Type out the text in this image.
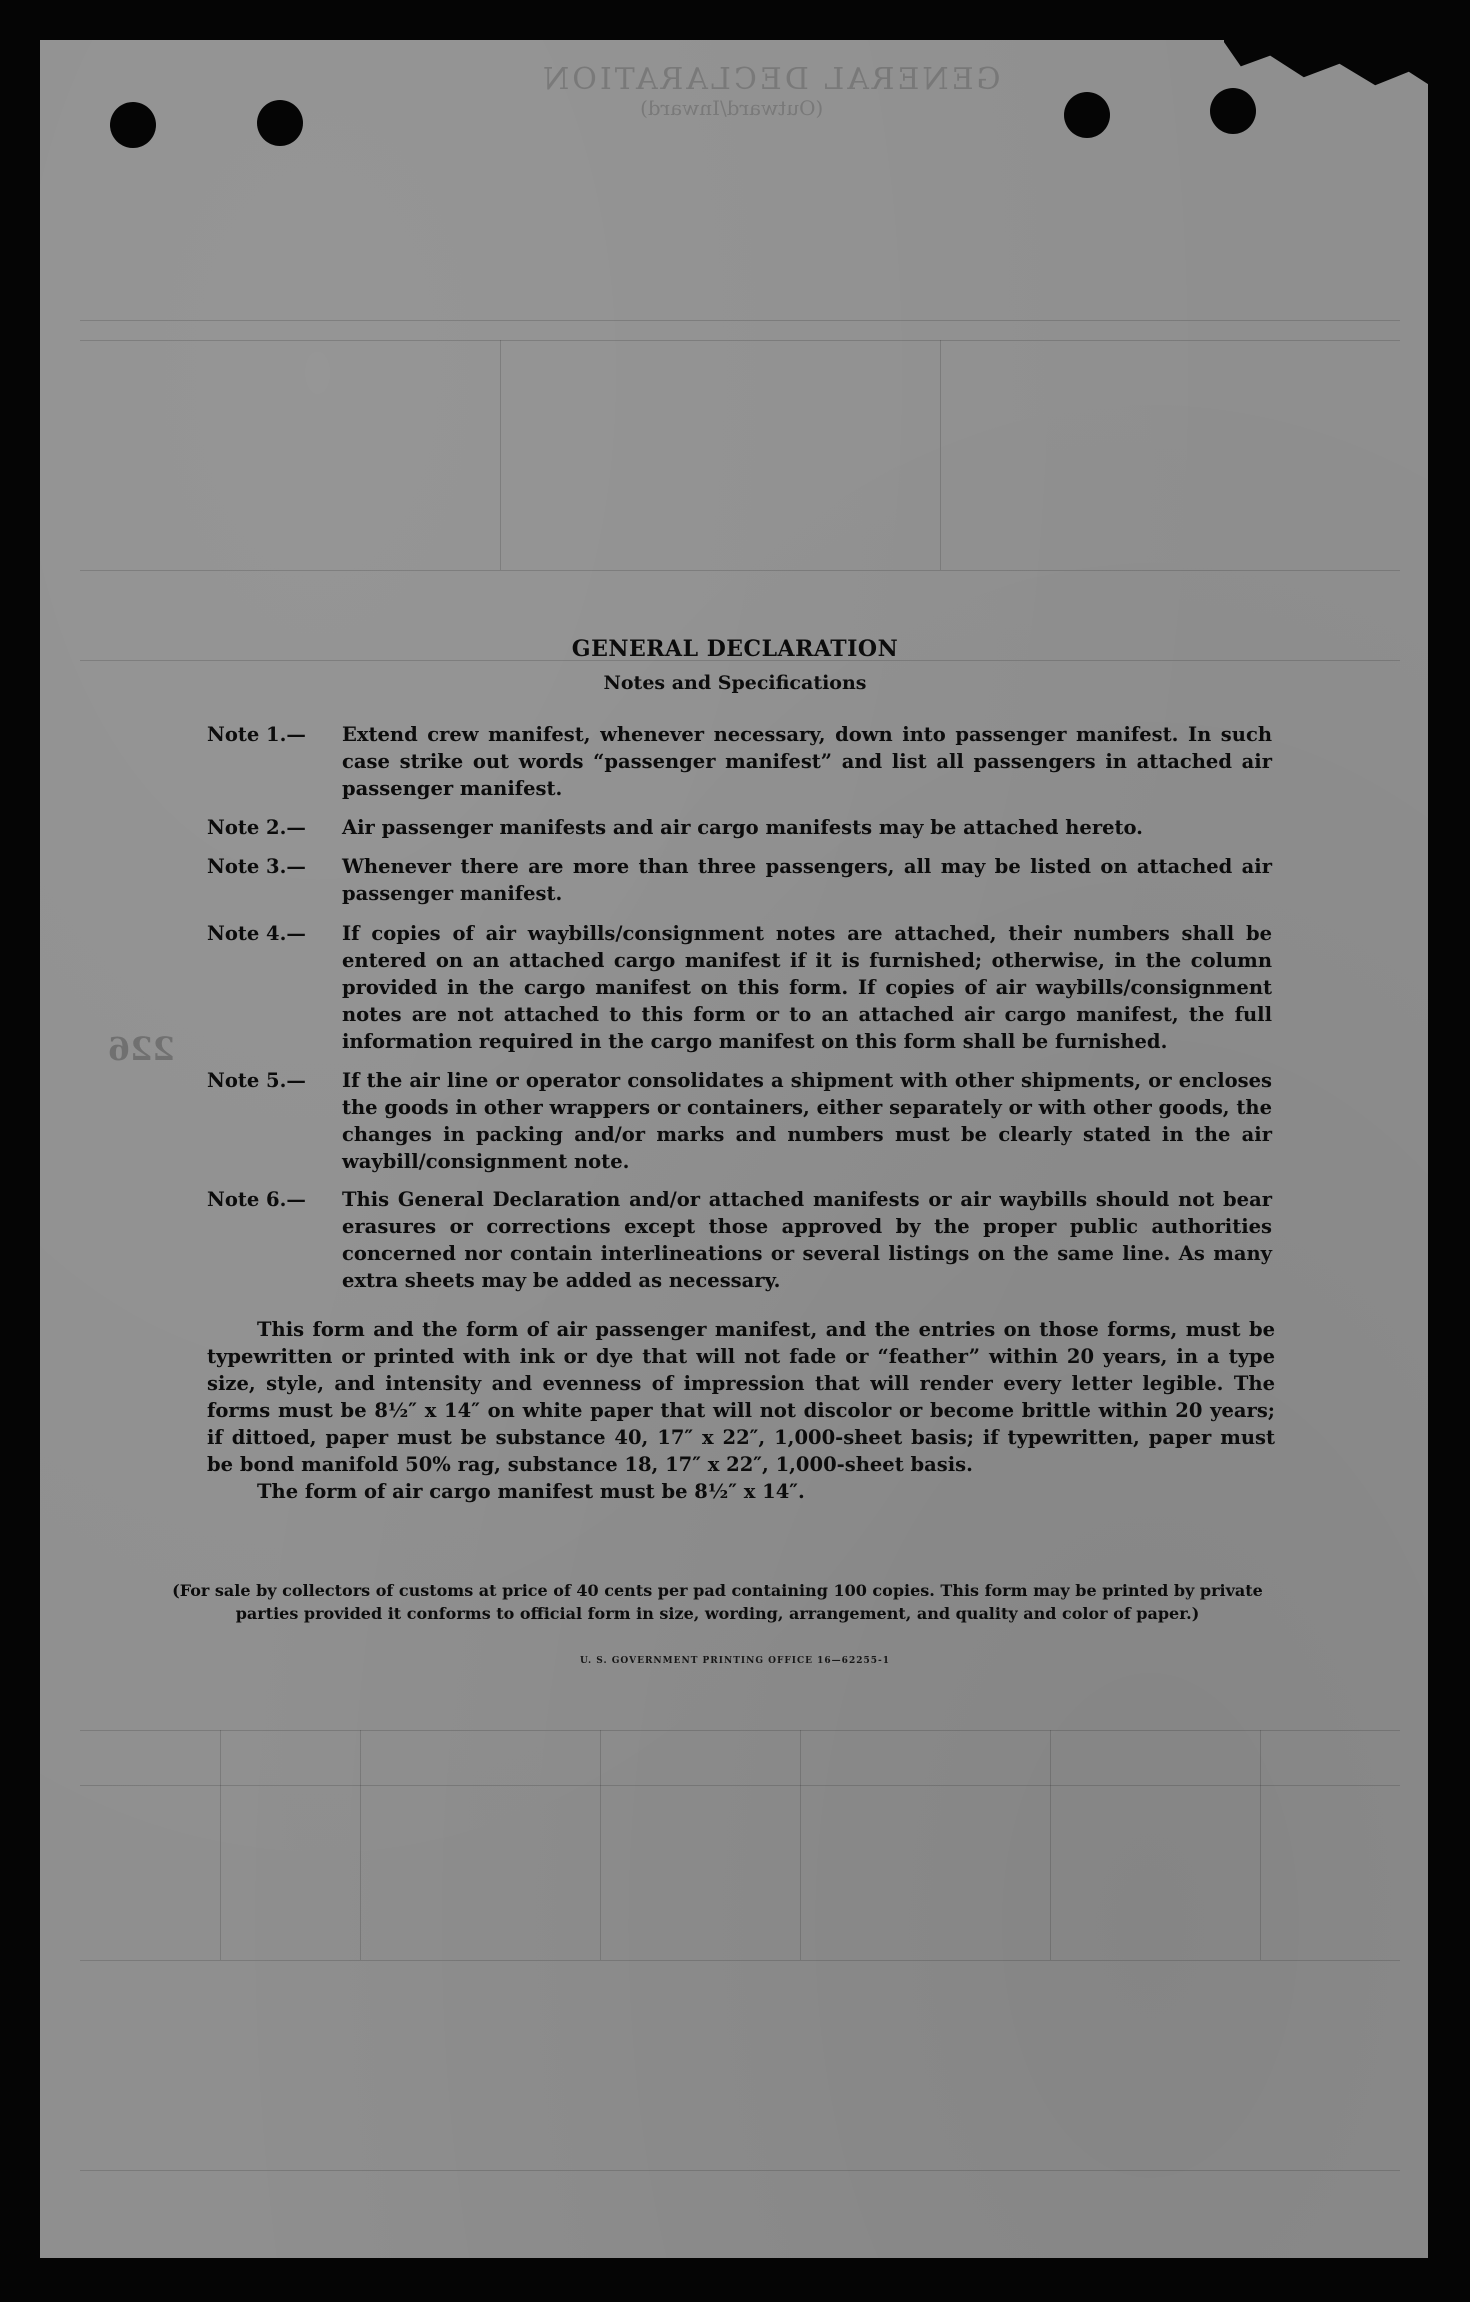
GENERAL DECLARATION
(Outward/Inward)
226
GENERAL DECLARATION
Notes and Specifications
Note 1.—	Extend crew manifest, whenever necessary, down into passenger manifest. In such case strike out words “passenger manifest” and list all passengers in attached air passenger manifest.
Note 2.—	Air passenger manifests and air cargo manifests may be attached hereto.
Note 3.—	Whenever there are more than three passengers, all may be listed on attached air passenger manifest.
Note 4.—	If copies of air waybills/consignment notes are attached, their numbers shall be entered on an attached cargo manifest if it is furnished; otherwise, in the column provided in the cargo manifest on this form. If copies of air waybills/consignment notes are not attached to this form or to an attached air cargo manifest, the full information required in the cargo manifest on this form shall be furnished.
Note 5.—	If the air line or operator consolidates a shipment with other shipments, or encloses the goods in other wrappers or containers, either separately or with other goods, the changes in packing and/or marks and numbers must be clearly stated in the air waybill/consignment note.
Note 6.—	This General Declaration and/or attached manifests or air waybills should not bear erasures or corrections except those approved by the proper public authorities concerned nor contain interlineations or several listings on the same line. As many extra sheets may be added as necessary.

This form and the form of air passenger manifest, and the entries on those forms, must be typewritten or printed with ink or dye that will not fade or “feather” within 20 years, in a type size, style, and intensity and evenness of impression that will render every letter legible. The forms must be 8½″ x 14″ on white paper that will not discolor or become brittle within 20 years; if dittoed, paper must be substance 40, 17″ x 22″, 1,000-sheet basis; if typewritten, paper must be bond manifold 50% rag, substance 18, 17″ x 22″, 1,000-sheet basis.

The form of air cargo manifest must be 8½″ x 14″.

(For sale by collectors of customs at price of 40 cents per pad containing 100 copies. This form may be printed by private parties provided it conforms to official form in size, wording, arrangement, and quality and color of paper.)
U. S. GOVERNMENT PRINTING OFFICE 16—62255-1
